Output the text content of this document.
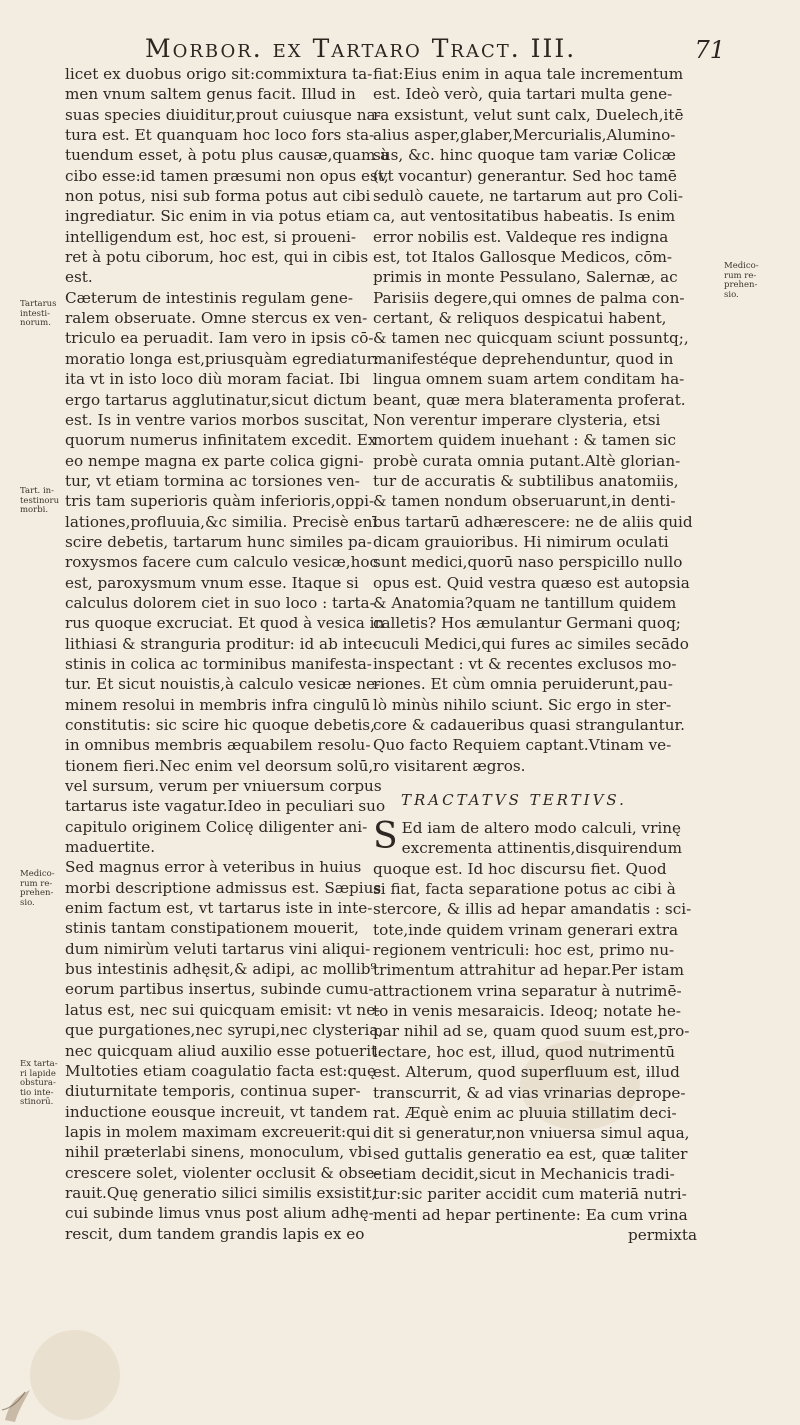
Morbor. ex Tartaro Tract. III.	71
licet ex duobus origo sit:commixtura ta-
men vnum saltem genus facit. Illud in
suas species diuiditur,prout cuiusque na-
tura est. Et quanquam hoc loco fors sta-
tuendum esset, à potu plus causæ,quam à
cibo esse:id tamen præsumi non opus est,
non potus, nisi sub forma potus aut cibi
ingrediatur. Sic enim in via potus etiam
intelligendum est, hoc est, si proueni-
ret à potu ciborum, hoc est, qui in cibis
est.
Cæterum de intestinis regulam gene-
ralem obseruate. Omne stercus ex ven-
triculo ea peruadit. Iam vero in ipsis cō-
moratio longa est,priusquàm egrediatur:
ita vt in isto loco diù moram faciat. Ibi
ergo tartarus agglutinatur,sicut dictum
est. Is in ventre varios morbos suscitat,
quorum numerus infinitatem excedit. Ex
eo nempe magna ex parte colica gigni-
tur, vt etiam tormina ac torsiones ven-
tris tam superioris quàm inferioris,oppi-
lationes,profluuia,&c similia. Precisè enī
scire debetis, tartarum hunc similes pa-
roxysmos facere cum calculo vesicæ,hoc
est, paroxysmum vnum esse. Itaque si
calculus dolorem ciet in suo loco : tarta-
rus quoque excruciat. Et quod à vesica in
lithiasi & stranguria proditur: id ab inte-
stinis in colica ac torminibus manifesta-
tur. Et sicut nouistis,à calculo vesicæ ne-
minem resolui in membris infra cingulū
constitutis: sic scire hic quoque debetis,
in omnibus membris æquabilem resolu-
tionem fieri.Nec enim vel deorsum solū,
vel sursum, verum per vniuersum corpus
tartarus iste vagatur.Ideo in peculiari suo
capitulo originem Colicę diligenter ani-
maduertite.
Sed magnus error à veteribus in huius
morbi descriptione admissus est. Sæpius
enim factum est, vt tartarus iste in inte-
stinis tantam constipationem mouerit,
dum nimirùm veluti tartarus vini aliqui-
bus intestinis adhęsit,& adipi, ac mollib⁹
eorum partibus insertus, subinde cumu-
latus est, nec sui quicquam emisit: vt ne-
que purgationes,nec syrupi,nec clysteria,
nec quicquam aliud auxilio esse potuerit.
Multoties etiam coagulatio facta est:quę
diuturnitate temporis, continua super-
inductione eousque increuit, vt tandem
lapis in molem maximam excreuerit:qui
nihil præterlabi sinens, monoculum, vbi
crescere solet, violenter occlusit & obse-
rauit.Quę generatio silici similis exsistit,
cui subinde limus vnus post alium adhę-
rescit, dum tandem grandis lapis ex eo
fiat:Eius enim in aqua tale incrementum
est. Ideò verò, quia tartari multa gene-
ra exsistunt, velut sunt calx, Duelech,itē
alius asper,glaber,Mercurialis,Alumino-
sus, &c. hinc quoque tam variæ Colicæ
(vt vocantur) generantur. Sed hoc tamē
sedulò cauete, ne tartarum aut pro Coli-
ca, aut ventositatibus habeatis. Is enim
error nobilis est. Valdeque res indigna
est, tot Italos Gallosque Medicos, cōm-
primis in monte Pessulano, Salernæ, ac
Parisiis degere,qui omnes de palma con-
certant, & reliquos despicatui habent,
& tamen nec quicquam sciunt possuntq;,
manifestéque deprehenduntur, quod in
lingua omnem suam artem conditam ha-
beant, quæ mera blateramenta proferat.
Non verentur imperare clysteria, etsi
mortem quidem inuehant : & tamen sic
probè curata omnia putant.Altè glorian-
tur de accuratis & subtilibus anatomiis,
& tamen nondum obseruarunt,in denti-
bus tartarū adhærescere: ne de aliis quid
dicam grauioribus. Hi nimirum oculati
sunt medici,quorū naso perspicillo nullo
opus est. Quid vestra quæso est autopsia
& Anatomia?quam ne tantillum quidem
calletis? Hos æmulantur Germani quoq;
cuculi Medici,qui fures ac similes secādo
inspectant : vt & recentes exclusos mo-
riones. Et cùm omnia peruiderunt,pau-
lò minùs nihilo sciunt. Sic ergo in ster-
core & cadaueribus quasi strangulantur.
Quo facto Requiem captant.Vtinam ve-
ro visitarent ægros.
TRACTATVS TERTIVS.
S Ed iam de altero modo calculi, vrinę
excrementa attinentis,disquirendum
quoque est. Id hoc discursu fiet. Quod
si fiat, facta separatione potus ac cibi à
stercore, & illis ad hepar amandatis : sci-
tote,inde quidem vrinam generari extra
regionem ventriculi: hoc est, primo nu-
trimentum attrahitur ad hepar.Per istam
attractionem vrina separatur à nutrimē-
to in venis mesaraicis. Ideoq; notate he-
par nihil ad se, quam quod suum est,pro-
lectare, hoc est, illud, quod nutrimentū
est. Alterum, quod superfluum est, illud
transcurrit, & ad vias vrinarias deprope-
rat. Æquè enim ac pluuia stillatim deci-
dit si generatur,non vniuersa simul aqua,
sed guttalis generatio ea est, quæ taliter
etiam decidit,sicut in Mechanicis tradi-
tur:sic pariter accidit cum materiā nutri-
menti ad hepar pertinente: Ea cum vrina
permixta
Tartarus
intesti-
norum.
Tart. in-
testinoru
morbi.
Medico-
rum re-
prehen-
sio.
Ex tarta-
ri lapide
obstura-
tio inte-
stinorū.
Medico-
rum re-
prehen-
sio.
